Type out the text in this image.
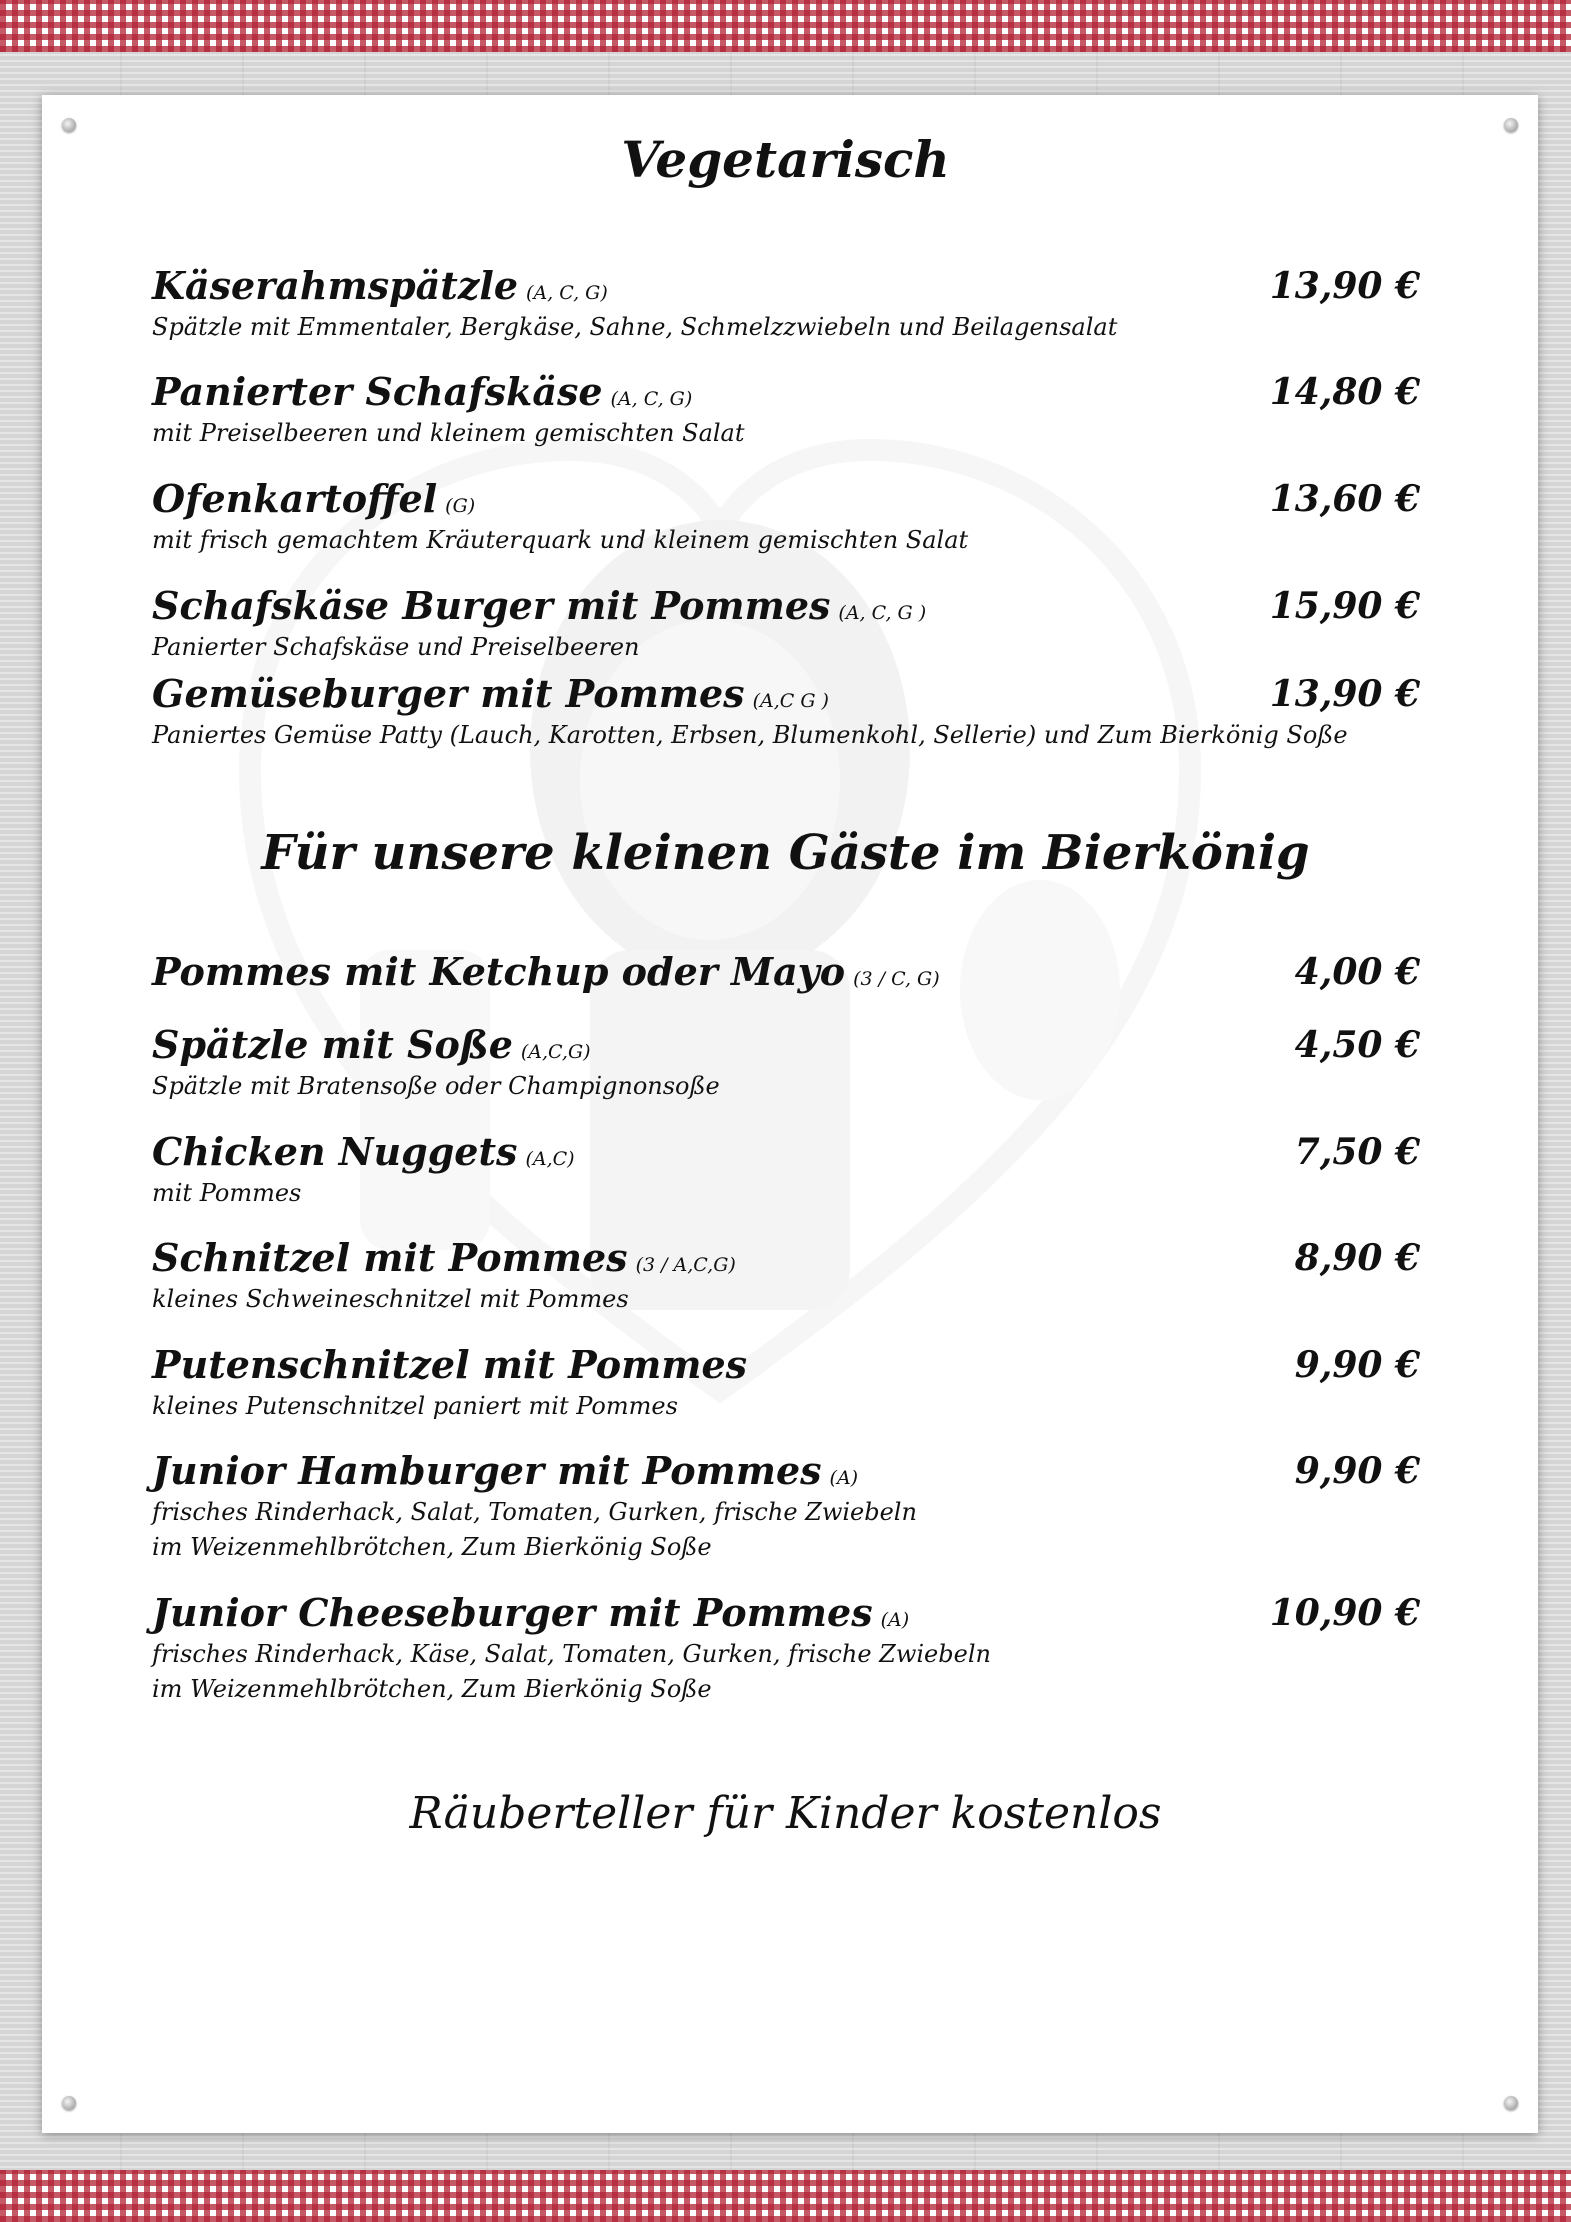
Vegetarisch
Für unsere kleinen Gäste im Bierkönig
Räuberteller für Kinder kostenlos
Käserahmspätzle (A, C, G)	13,90 €
Spätzle mit Emmentaler, Bergkäse, Sahne, Schmelzzwiebeln und Beilagensalat
Panierter Schafskäse (A, C, G)	14,80 €
mit Preiselbeeren und kleinem gemischten Salat
Ofenkartoffel (G)	13,60 €
mit frisch gemachtem Kräuterquark und kleinem gemischten Salat
Schafskäse Burger mit Pommes (A, C, G )	15,90 €
Panierter Schafskäse und Preiselbeeren
Gemüseburger mit Pommes (A,C G )	13,90 €
Paniertes Gemüse Patty (Lauch, Karotten, Erbsen, Blumenkohl, Sellerie) und Zum Bierkönig Soße
Pommes mit Ketchup oder Mayo (3 / C, G)	4,00 €
Spätzle mit Soße (A,C,G)	4,50 €
Spätzle mit Bratensoße oder Champignonsoße
Chicken Nuggets (A,C)	7,50 €
mit Pommes
Schnitzel mit Pommes (3 / A,C,G)	8,90 €
kleines Schweineschnitzel mit Pommes
Putenschnitzel mit Pommes	9,90 €
kleines Putenschnitzel paniert mit Pommes
Junior Hamburger mit Pommes (A)	9,90 €
frisches Rinderhack, Salat, Tomaten, Gurken, frische Zwiebeln
im Weizenmehlbrötchen, Zum Bierkönig Soße
Junior Cheeseburger mit Pommes (A)	10,90 €
frisches Rinderhack, Käse, Salat, Tomaten, Gurken, frische Zwiebeln
im Weizenmehlbrötchen, Zum Bierkönig Soße
